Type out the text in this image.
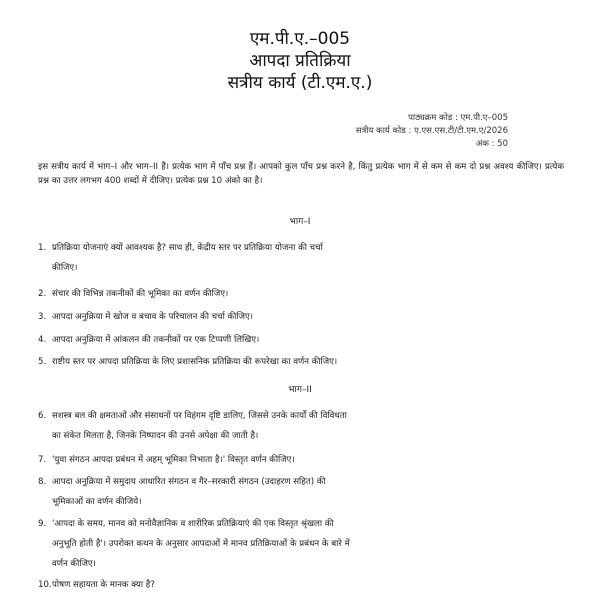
एम.पी.ए.–005
आपदा प्रतिक्रिया
सत्रीय कार्य (टी.एम.ए.)
पाठ्यक्रम कोड : एम.पी.ए–005
सत्रीय कार्य कोड : ए.एस.एस.टी/टी.एम.ए/2026
अंक : 50
इस सत्रीय कार्य में भाग–I और भाग–II हैं। प्रत्येक भाग में पाँच प्रश्न हैं। आपको कुल पाँच प्रश्न करने है, किंतु प्रत्येक भाग में से कम से कम दो प्रश्न अवश्य कीजिए। प्रत्येक प्रश्न का उत्तर लगभग 400 शब्दों में दीजिए। प्रत्येक प्रश्न 10 अंको का है।
भाग–I
1. प्रतिक्रिया योजनाएं क्यों आवश्यक है? साथ ही, केंद्रीय स्तर पर प्रतिक्रिया योजना की चर्चा
कीजिए।
2. संचार की विभिन्न तकनीकों की भूमिका का वर्णन कीजिए।
3. आपदा अनुक्रिया में खोज व बचाव के परिचालन की चर्चा कीजिए।
4. आपदा अनुक्रिया में आंकलन की तकनीकों पर एक टिप्पणी लिखिए।
5. राष्टीय स्तर पर आपदा प्रतिक्रिया के लिए प्रशासनिक प्रतिक्रिया की रूपरेखा का वर्णन कीजिए।
भाग–II
6. सशस्त्र बल की क्षमताओं और संसाधनों पर विहंगम दृष्टि डालिए, जिससे उनके कार्यों की विविधता
का संकेत मिलता है, जिनके निष्पादन की उनसे अपेक्षा की जाती है।
7. 'युवा संगठन आपदा प्रबंधन में अहम् भूमिका निभाता है।' विस्तृत वर्णन कीजिए।
8. आपदा अनुक्रिया में समुदाय आधारित संगठन व गैर–सरकारी संगठन (उदाहरण सहित) की
भूमिकाओं का वर्णन कीजिये।
9. 'आपदा के समय, मानव को मनोवैज्ञानिक व शारीरिक प्रतिक्रियाएं की एक विस्तृत श्रृंखला की
अनुभूति होती है'। उपरोक्त कथन के अनुसार आपदाओं में मानव प्रतिक्रियाओं के प्रबंधन के बारे में
वर्णन कीजिए।
10.पोषण सहायता के मानक क्या है?
